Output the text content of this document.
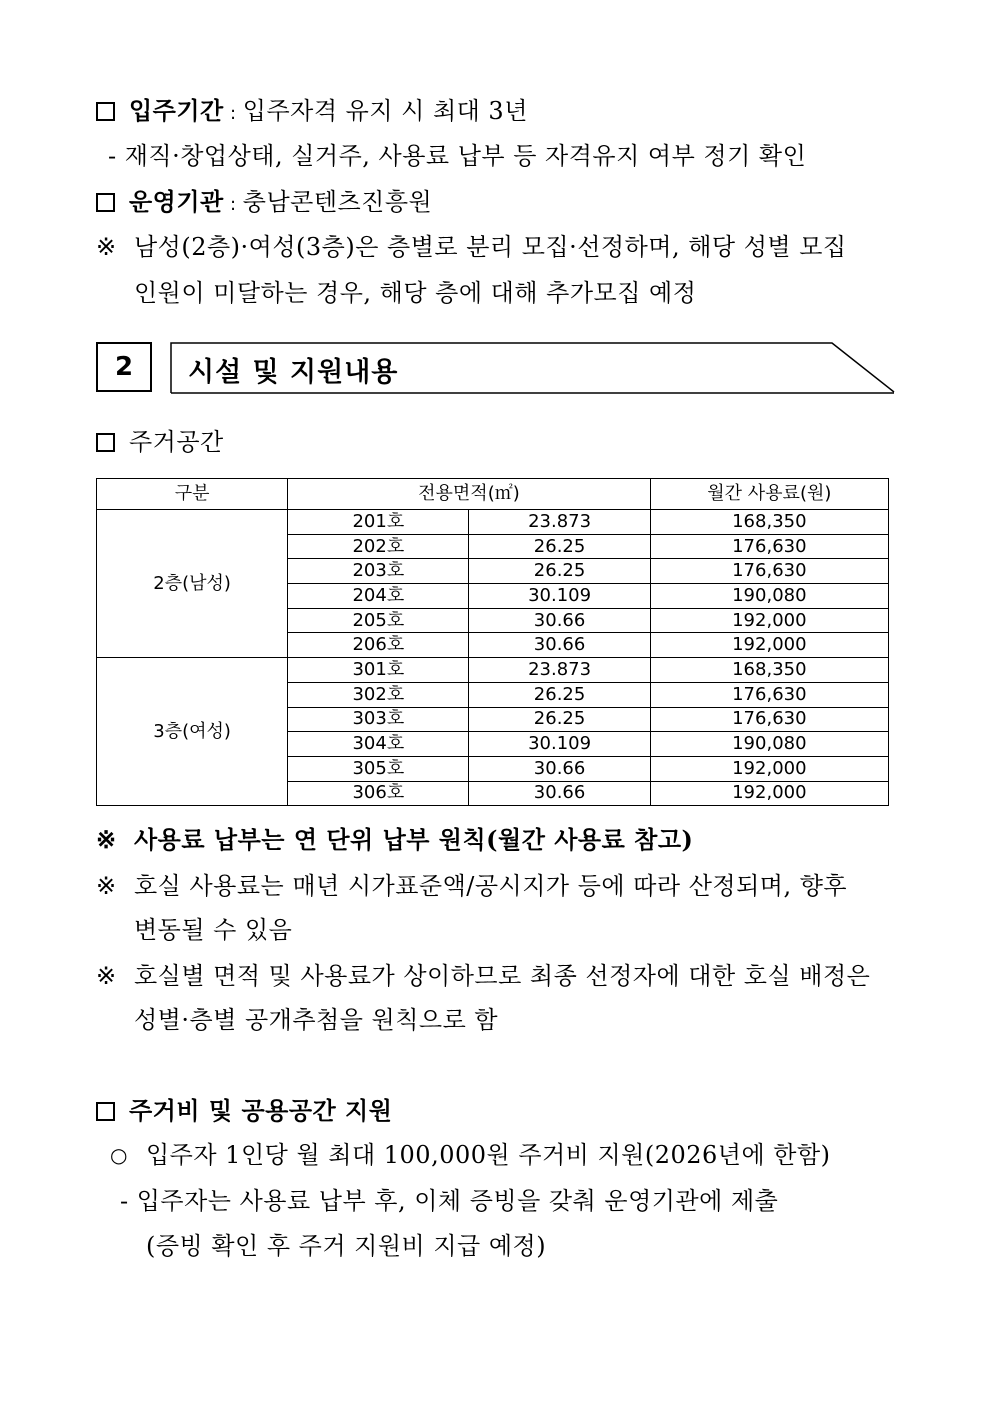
입주기간 : 입주자격 유지 시 최대 3년
- 재직·창업상태, 실거주, 사용료 납부 등 자격유지 여부 정기 확인
운영기관 : 충남콘텐츠진흥원
※ 남성(2층)·여성(3층)은 층별로 분리 모집·선정하며, 해당 성별 모집
인원이 미달하는 경우, 해당 층에 대해 추가모집 예정
2	시설 및 지원내용
주거공간
구분	전용면적(㎡)		월간 사용료(원)
2층(남성)	201호	23.873	168,350
	202호	26.25	176,630
	203호	26.25	176,630
	204호	30.109	190,080
	205호	30.66	192,000
	206호	30.66	192,000
3층(여성)	301호	23.873	168,350
	302호	26.25	176,630
	303호	26.25	176,630
	304호	30.109	190,080
	305호	30.66	192,000
	306호	30.66	192,000
※ 사용료 납부는 연 단위 납부 원칙(월간 사용료 참고)
※ 호실 사용료는 매년 시가표준액/공시지가 등에 따라 산정되며, 향후
변동될 수 있음
※ 호실별 면적 및 사용료가 상이하므로 최종 선정자에 대한 호실 배정은
성별·층별 공개추첨을 원칙으로 함
주거비 및 공용공간 지원
○ 입주자 1인당 월 최대 100,000원 주거비 지원(2026년에 한함)
- 입주자는 사용료 납부 후, 이체 증빙을 갖춰 운영기관에 제출
(증빙 확인 후 주거 지원비 지급 예정)
